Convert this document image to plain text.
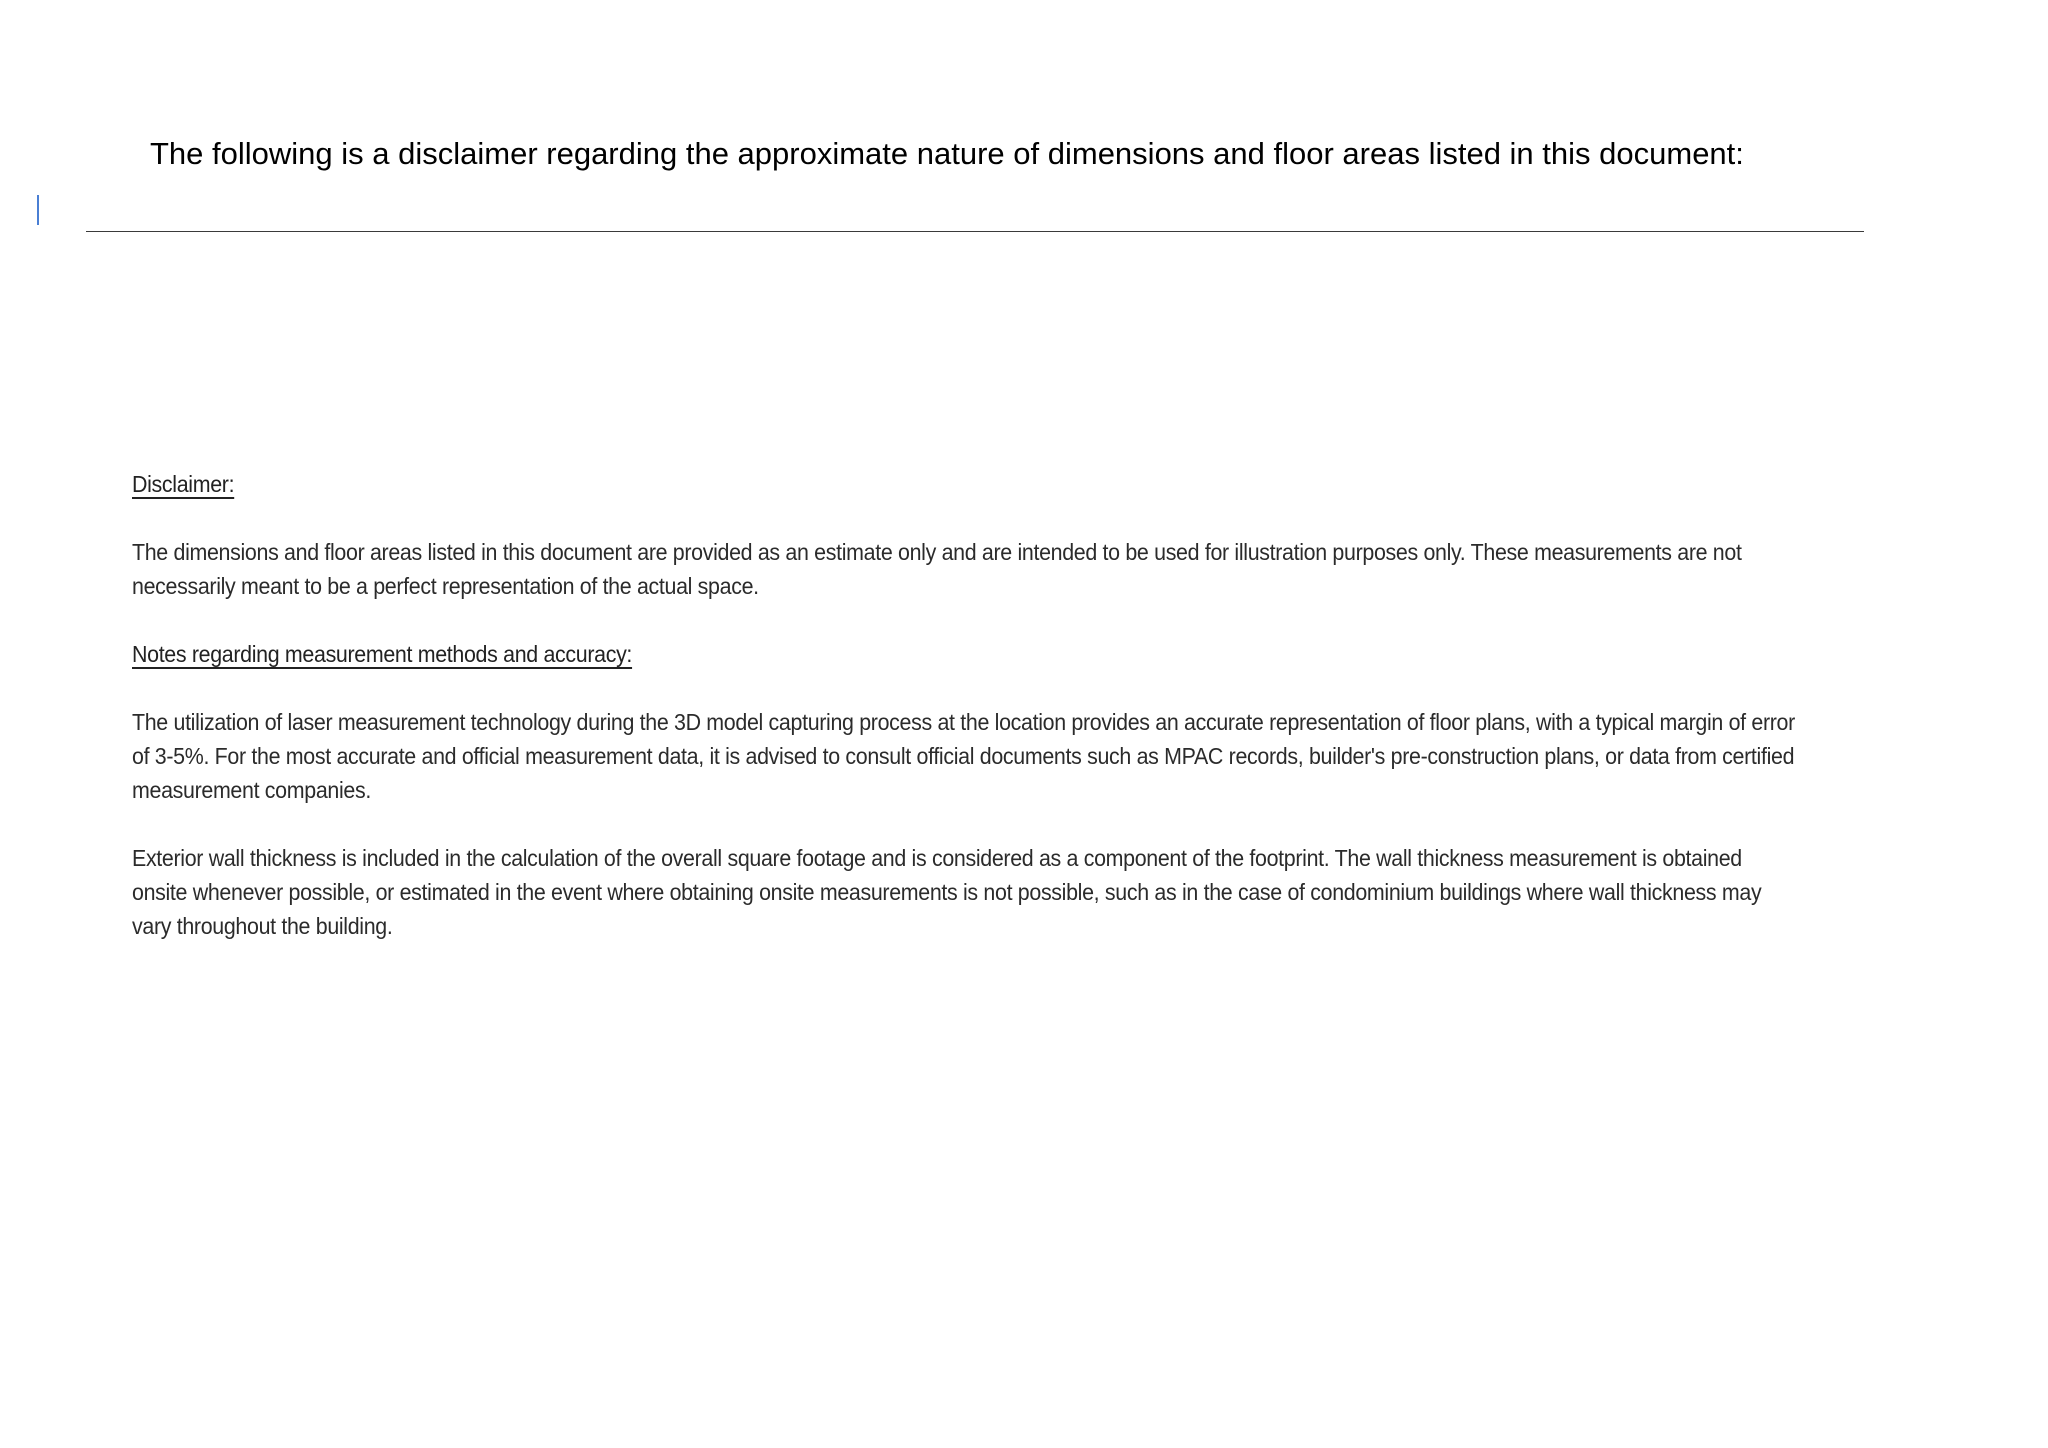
The following is a disclaimer regarding the approximate nature of dimensions and floor areas listed in this document:

Disclaimer:

The dimensions and floor areas listed in this document are provided as an estimate only and are intended to be used for illustration purposes only. These measurements are not necessarily meant to be a perfect representation of the actual space.

Notes regarding measurement methods and accuracy:

The utilization of laser measurement technology during the 3D model capturing process at the location provides an accurate representation of floor plans, with a typical margin of error of 3-5%. For the most accurate and official measurement data, it is advised to consult official documents such as MPAC records, builder's pre-construction plans, or data from certified measurement companies.

Exterior wall thickness is included in the calculation of the overall square footage and is considered as a component of the footprint. The wall thickness measurement is obtained onsite whenever possible, or estimated in the event where obtaining onsite measurements is not possible, such as in the case of condominium buildings where wall thickness may vary throughout the building.
